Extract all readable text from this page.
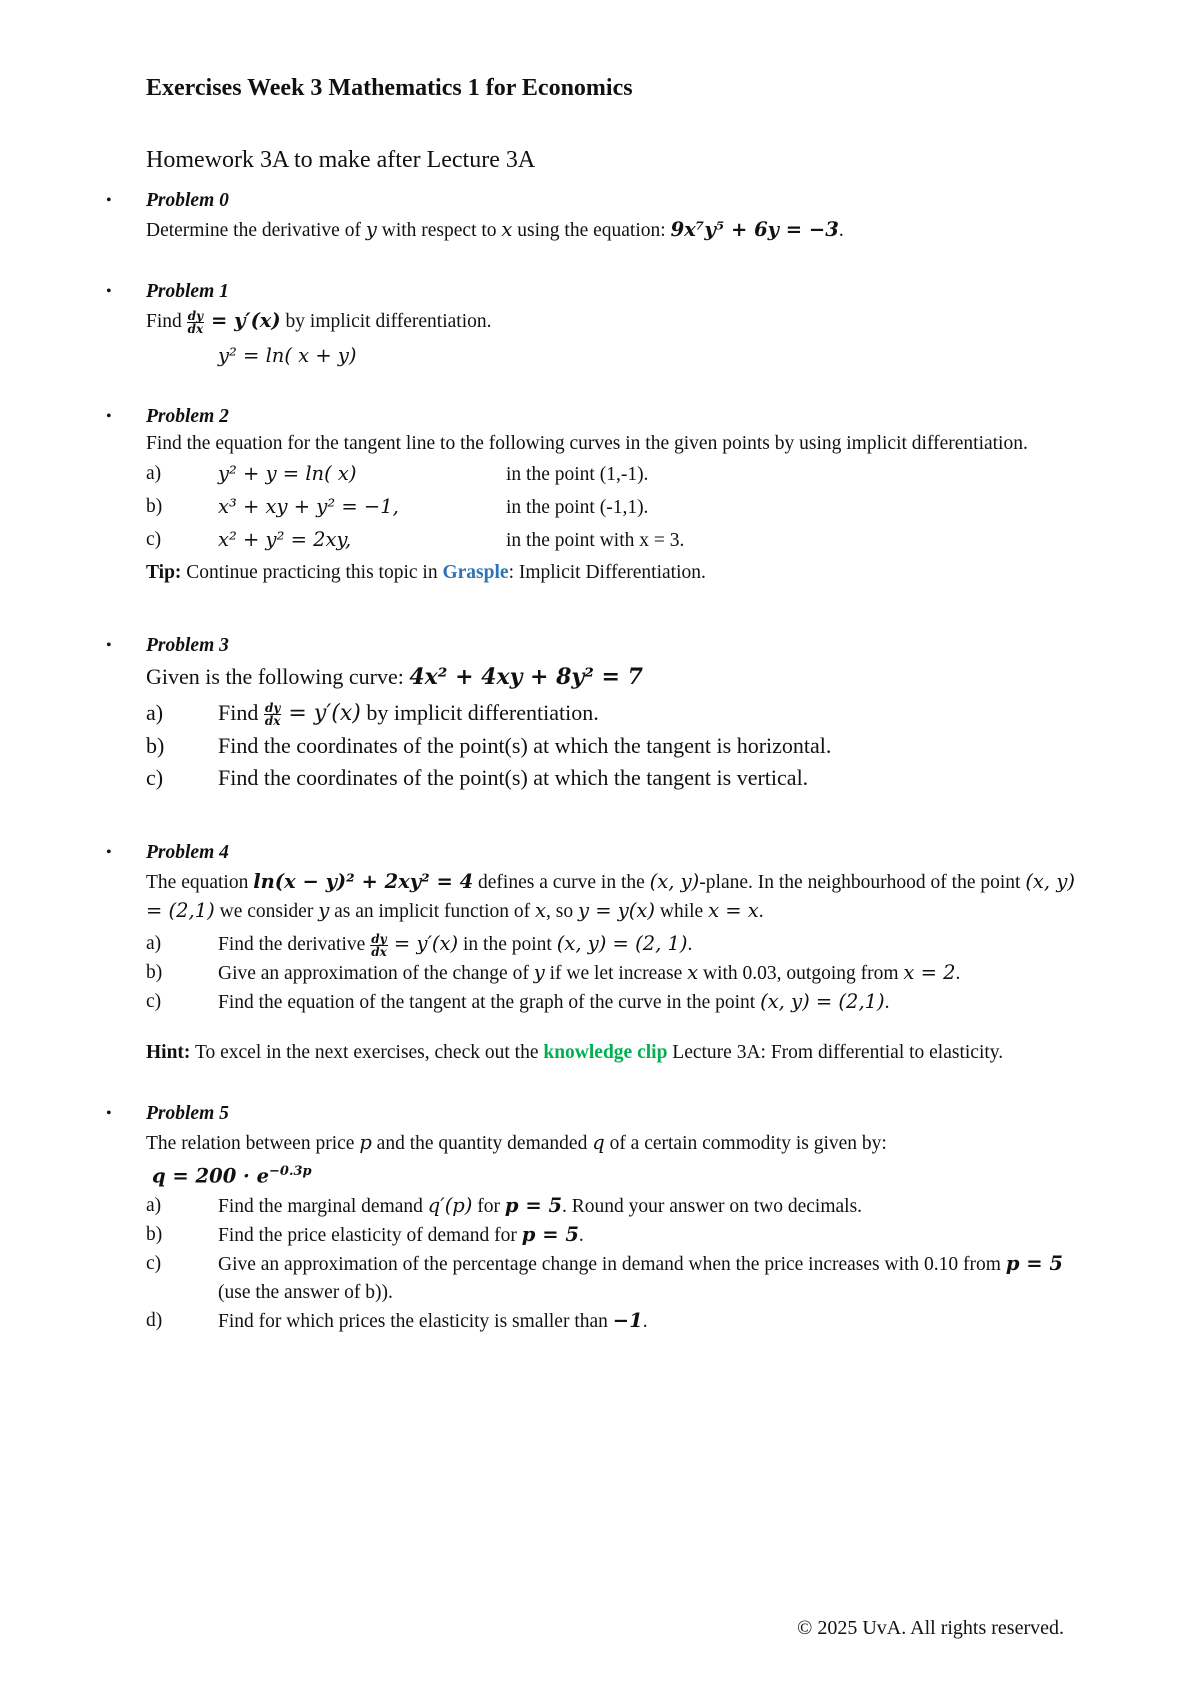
Exercises Week 3 Mathematics 1 for Economics
Homework 3A to make after Lecture 3A
• Problem 0

Determine the derivative of y with respect to x using the equation: 9x⁷y⁵ + 6y = −3.

• Problem 1

Find $\frac{dy}{dx} = y'(x)$ by implicit differentiation.

y² = ln( x + y)

• Problem 2

Find the equation for the tangent line to the following curves in the given points by using implicit differentiation.

a)	y² + y = ln( x)	in the point (1,-1).

b)	x³ + xy + y² = −1,	in the point (-1,1).

c)	x² + y² = 2xy,	in the point with x = 3.

Tip: Continue practicing this topic in Grasple: Implicit Differentiation.

• Problem 3

Given is the following curve: 4x² + 4xy + 8y² = 7

a) Find $\frac{dy}{dx} = y'(x)$ by implicit differentiation.

b) Find the coordinates of the point(s) at which the tangent is horizontal.

c) Find the coordinates of the point(s) at which the tangent is vertical.

• Problem 4

The equation ln(x − y)² + 2xy² = 4 defines a curve in the (x, y)-plane. In the neighbourhood of the point (x, y) = (2,1) we consider y as an implicit function of x, so y = y(x) while x = x.

a)	Find the derivative $\frac{dy}{dx} = y'(x)$ in the point (x, y) = (2, 1).

b)	Give an approximation of the change of y if we let increase x with 0.03, outgoing from x = 2.

c)	Find the equation of the tangent at the graph of the curve in the point (x, y) = (2,1).

Hint: To excel in the next exercises, check out the knowledge clip Lecture 3A: From differential to elasticity.

• Problem 5

The relation between price p and the quantity demanded q of a certain commodity is given by:

$q = 200 \cdot e^{-0.3p}$

a)	Find the marginal demand q′(p) for p = 5. Round your answer on two decimals.

b)	Find the price elasticity of demand for p = 5.

c)	Give an approximation of the percentage change in demand when the price increases with 0.10 from p = 5 (use the answer of b)).

d)	Find for which prices the elasticity is smaller than −1.

© 2025 UvA. All rights reserved.
